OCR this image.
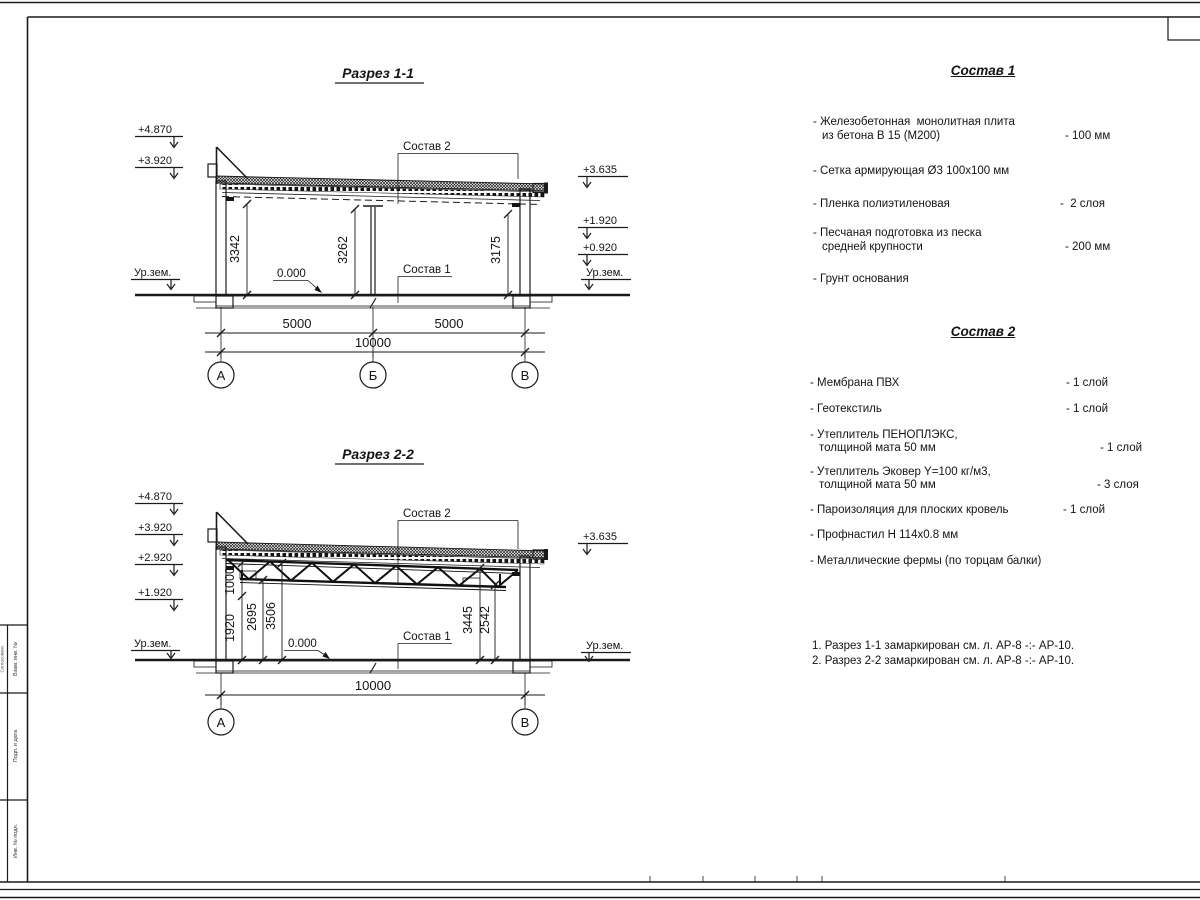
Взам. инв. №
Подп. и дата
Инв. № подл.
Согласовано
Разрез 1-1
3342	3262	3175
+4.870
+3.920
Ур.зем.
+3.635
+1.920
+0.920
Ур.зем.
Состав 2
Состав 1
0.000
5000	5000
10000
А	Б	В
Разрез 2-2
1000
1920 2695 3506	3445 2542
+4.870
+3.920
+2.920
+1.920
Ур.зем.
+3.635
Ур.зем.
Состав 2
Состав 1
0.000
10000
А	В
Состав 1
- Железобетонная  монолитная плита
из бетона В 15 (М200)	- 100 мм
- Сетка армирующая Ø3 100х100 мм
- Пленка полиэтиленовая	-  2 слоя
- Песчаная подготовка из песка
средней крупности	- 200 мм
- Грунт основания
Состав 2
- Мембрана ПВХ	- 1 слой
- Геотекстиль	- 1 слой
- Утеплитель ПЕНОПЛЭКС,
толщиной мата 50 мм	- 1 слой
- Утеплитель Эковер Y=100 кг/м3,
толщиной мата 50 мм	- 3 слоя
- Пароизоляция для плоских кровель	- 1 слой
- Профнастил Н 114х0.8 мм
- Металлические фермы (по торцам балки)
1. Разрез 1-1 замаркирован см. л. АР-8 -:- АР-10.
2. Разрез 2-2 замаркирован см. л. АР-8 -:- АР-10.
